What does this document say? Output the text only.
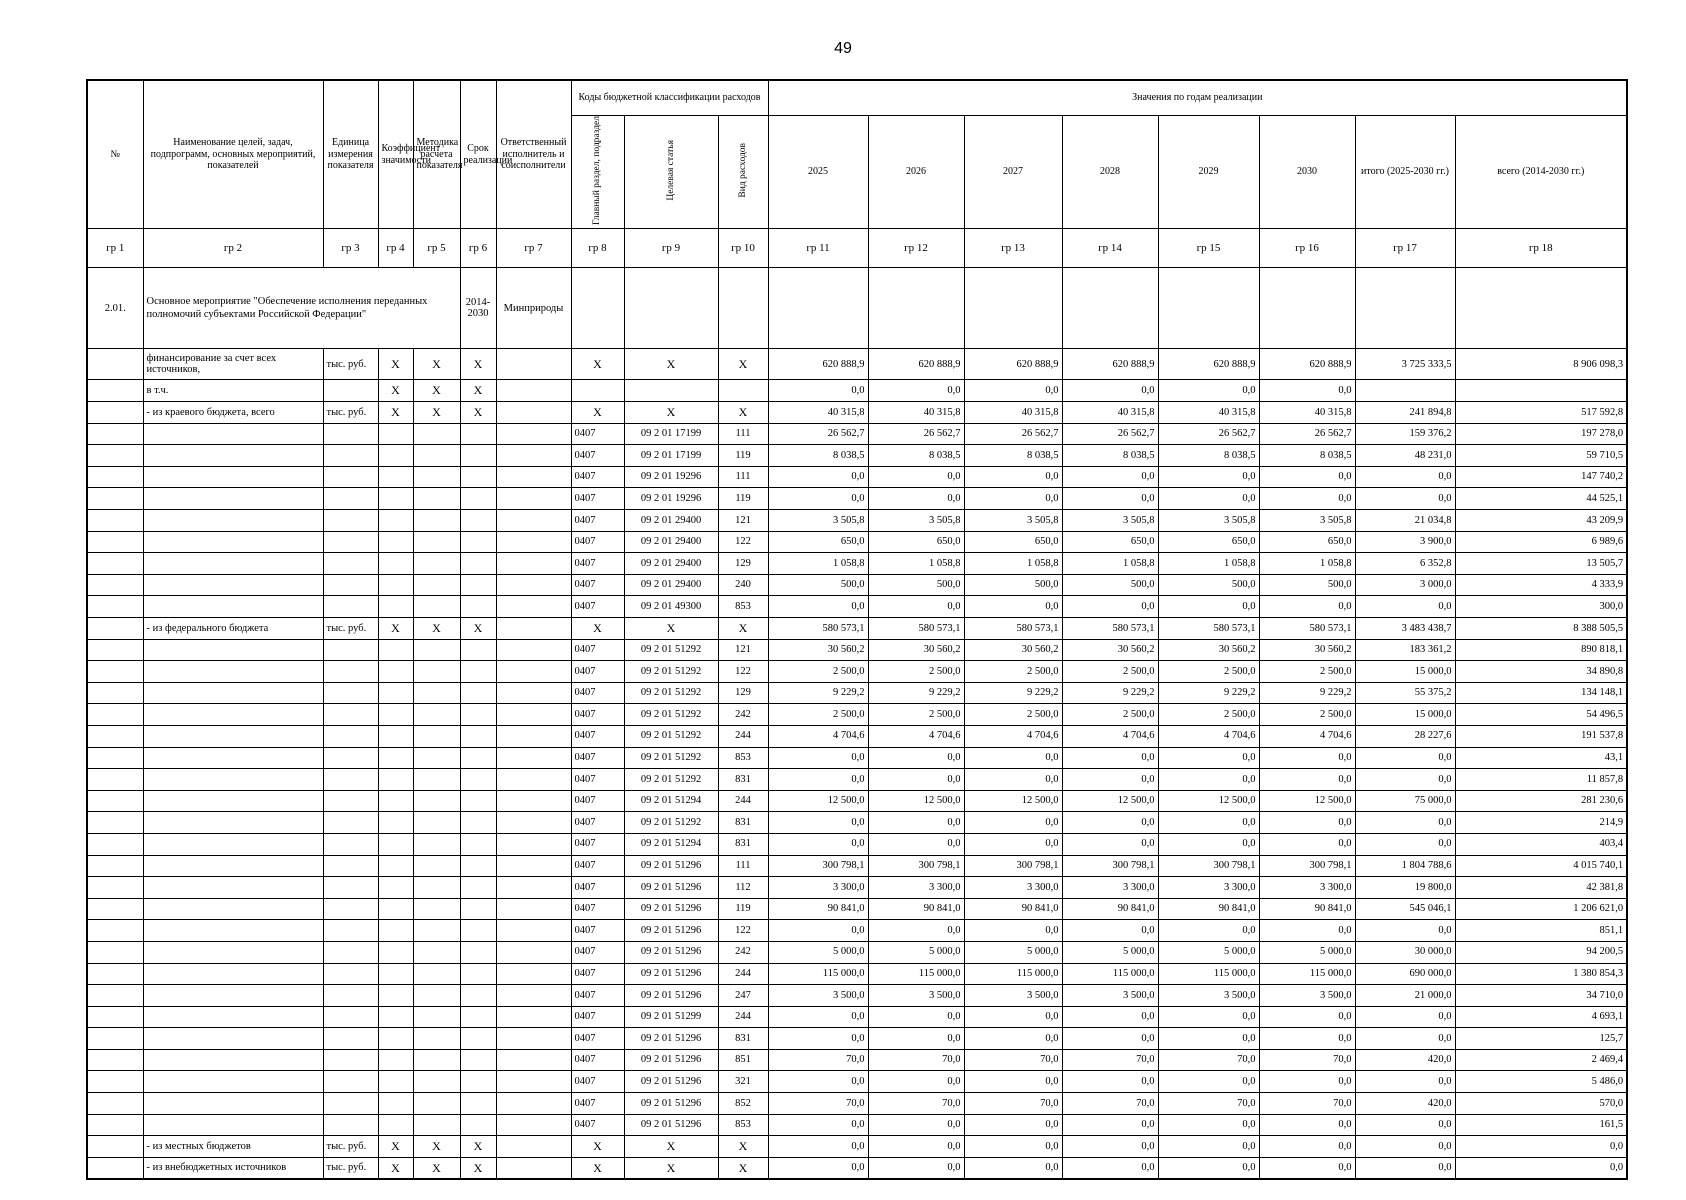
49
№	Наименование целей, задач, подпрограмм, основных мероприятий, показателей	Единица измерения показателя	Коэффициент значимости	Методика расчета показателя	Срок реализации	Ответственный исполнитель и соисполнители	Коды бюджетной классификации расходов			Значения по годам реализации							
							Главный раздел, подраздел	Целевая статья	Вид расходов	2025	2026	2027	2028	2029	2030	итого (2025-2030 гг.)	всего (2014-2030 гг.)
гр 1	гр 2	гр 3	гр 4	гр 5	гр 6	гр 7	гр 8	гр 9	гр 10	гр 11	гр 12	гр 13	гр 14	гр 15	гр 16	гр 17	гр 18
2.01.	Основное мероприятие "Обеспечение исполнения переданных полномочий субъектами Российской Федерации"				2014-2030	Минприроды											
	финансирование за счет всех источников,	тыс. руб.	X	X	X		X	X	X	620 888,9	620 888,9	620 888,9	620 888,9	620 888,9	620 888,9	3 725 333,5	8 906 098,3
	в т.ч.		X	X	X					0,0	0,0	0,0	0,0	0,0	0,0		
	- из краевого бюджета, всего	тыс. руб.	X	X	X		X	X	X	40 315,8	40 315,8	40 315,8	40 315,8	40 315,8	40 315,8	241 894,8	517 592,8
							0407	09 2 01 17199	111	26 562,7	26 562,7	26 562,7	26 562,7	26 562,7	26 562,7	159 376,2	197 278,0
							0407	09 2 01 17199	119	8 038,5	8 038,5	8 038,5	8 038,5	8 038,5	8 038,5	48 231,0	59 710,5
							0407	09 2 01 19296	111	0,0	0,0	0,0	0,0	0,0	0,0	0,0	147 740,2
							0407	09 2 01 19296	119	0,0	0,0	0,0	0,0	0,0	0,0	0,0	44 525,1
							0407	09 2 01 29400	121	3 505,8	3 505,8	3 505,8	3 505,8	3 505,8	3 505,8	21 034,8	43 209,9
							0407	09 2 01 29400	122	650,0	650,0	650,0	650,0	650,0	650,0	3 900,0	6 989,6
							0407	09 2 01 29400	129	1 058,8	1 058,8	1 058,8	1 058,8	1 058,8	1 058,8	6 352,8	13 505,7
							0407	09 2 01 29400	240	500,0	500,0	500,0	500,0	500,0	500,0	3 000,0	4 333,9
							0407	09 2 01 49300	853	0,0	0,0	0,0	0,0	0,0	0,0	0,0	300,0
	- из федерального бюджета	тыс. руб.	X	X	X		X	X	X	580 573,1	580 573,1	580 573,1	580 573,1	580 573,1	580 573,1	3 483 438,7	8 388 505,5
							0407	09 2 01 51292	121	30 560,2	30 560,2	30 560,2	30 560,2	30 560,2	30 560,2	183 361,2	890 818,1
							0407	09 2 01 51292	122	2 500,0	2 500,0	2 500,0	2 500,0	2 500,0	2 500,0	15 000,0	34 890,8
							0407	09 2 01 51292	129	9 229,2	9 229,2	9 229,2	9 229,2	9 229,2	9 229,2	55 375,2	134 148,1
							0407	09 2 01 51292	242	2 500,0	2 500,0	2 500,0	2 500,0	2 500,0	2 500,0	15 000,0	54 496,5
							0407	09 2 01 51292	244	4 704,6	4 704,6	4 704,6	4 704,6	4 704,6	4 704,6	28 227,6	191 537,8
							0407	09 2 01 51292	853	0,0	0,0	0,0	0,0	0,0	0,0	0,0	43,1
							0407	09 2 01 51292	831	0,0	0,0	0,0	0,0	0,0	0,0	0,0	11 857,8
							0407	09 2 01 51294	244	12 500,0	12 500,0	12 500,0	12 500,0	12 500,0	12 500,0	75 000,0	281 230,6
							0407	09 2 01 51292	831	0,0	0,0	0,0	0,0	0,0	0,0	0,0	214,9
							0407	09 2 01 51294	831	0,0	0,0	0,0	0,0	0,0	0,0	0,0	403,4
							0407	09 2 01 51296	111	300 798,1	300 798,1	300 798,1	300 798,1	300 798,1	300 798,1	1 804 788,6	4 015 740,1
							0407	09 2 01 51296	112	3 300,0	3 300,0	3 300,0	3 300,0	3 300,0	3 300,0	19 800,0	42 381,8
							0407	09 2 01 51296	119	90 841,0	90 841,0	90 841,0	90 841,0	90 841,0	90 841,0	545 046,1	1 206 621,0
							0407	09 2 01 51296	122	0,0	0,0	0,0	0,0	0,0	0,0	0,0	851,1
							0407	09 2 01 51296	242	5 000,0	5 000,0	5 000,0	5 000,0	5 000,0	5 000,0	30 000,0	94 200,5
							0407	09 2 01 51296	244	115 000,0	115 000,0	115 000,0	115 000,0	115 000,0	115 000,0	690 000,0	1 380 854,3
							0407	09 2 01 51296	247	3 500,0	3 500,0	3 500,0	3 500,0	3 500,0	3 500,0	21 000,0	34 710,0
							0407	09 2 01 51299	244	0,0	0,0	0,0	0,0	0,0	0,0	0,0	4 693,1
							0407	09 2 01 51296	831	0,0	0,0	0,0	0,0	0,0	0,0	0,0	125,7
							0407	09 2 01 51296	851	70,0	70,0	70,0	70,0	70,0	70,0	420,0	2 469,4
							0407	09 2 01 51296	321	0,0	0,0	0,0	0,0	0,0	0,0	0,0	5 486,0
							0407	09 2 01 51296	852	70,0	70,0	70,0	70,0	70,0	70,0	420,0	570,0
							0407	09 2 01 51296	853	0,0	0,0	0,0	0,0	0,0	0,0	0,0	161,5
	- из местных бюджетов	тыс. руб.	X	X	X		X	X	X	0,0	0,0	0,0	0,0	0,0	0,0	0,0	0,0
	- из внебюджетных источников	тыс. руб.	X	X	X		X	X	X	0,0	0,0	0,0	0,0	0,0	0,0	0,0	0,0
